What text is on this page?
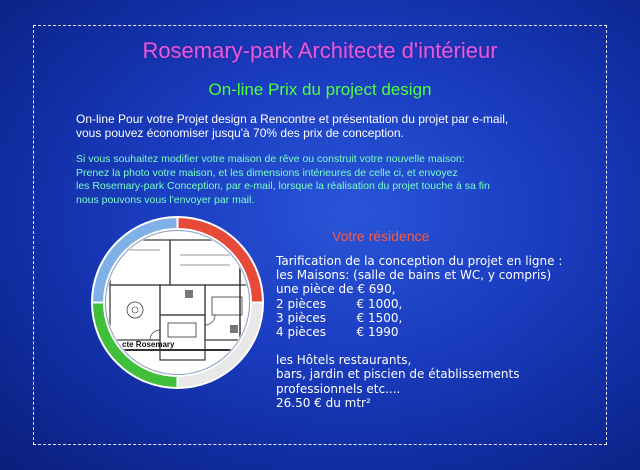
Rosemary-park Architecte d'intérieur
On-line Prix du project design
On-line Pour votre Projet design a Rencontre et présentation du projet par e-mail,
vous pouvez économiser jusqu'à 70% des prix de conception.
Si vous souhaitez modifier votre maison de rêve ou construit votre nouvelle maison:
Prenez la photo votre maison, et les dimensions intérieures de celle ci, et envoyez
les Rosemary-park Conception, par e-mail, lorsque la réalisation du projet touche à sa fin
nous pouvons vous l'envoyer par mail.
cte Rosemary
Votre résidence
Tarification de la conception du projet en ligne :
les Maisons: (salle de bains et WC, y compris)
une pièce de € 690,
2 pièces        € 1000,
3 pièces        € 1500,
4 pièces        € 1990
les Hôtels restaurants,
bars, jardin et piscien de établissements
professionnels etc....
26.50 € du mtr²
